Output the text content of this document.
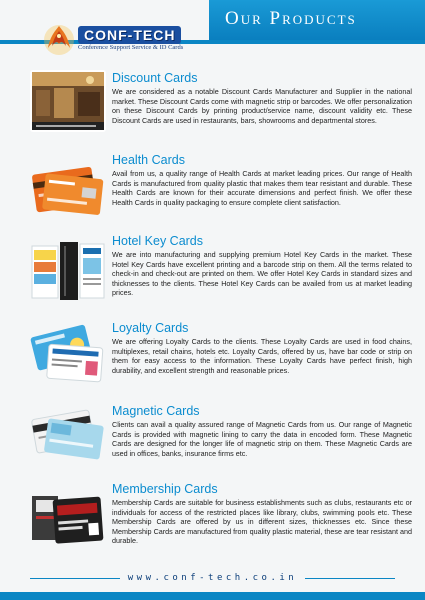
Our Products
CONF-TECH
Conference Support Service & ID Cards
Discount Cards
We are considered as a notable Discount Cards Manufacturer and Supplier in the national market. These Discount Cards come with magnetic strip or barcodes. We offer personalization on these Discount Cards by printing product/service name, discount validity etc. These Discount Cards are used in restaurants, bars, showrooms and departmental stores.
Health Cards
Avail from us, a quality range of Health Cards at market leading prices. Our range of Health Cards is manufactured from quality plastic that makes them tear resistant and durable. These Health Cards are known for their accurate dimensions and perfect finish. We offer these Health Cards in quality packaging to ensure complete client satisfaction.
Hotel Key Cards
We are into manufacturing and supplying premium Hotel Key Cards in the market. These Hotel Key Cards have excellent printing and a barcode strip on them. All the terms related to check-in and check-out are printed on them. We offer Hotel Key Cards in standard sizes and thicknesses to the clients. These Hotel Key Cards can be availed from us at market leading prices.
Loyalty Cards
We are offering Loyalty Cards to the clients. These Loyalty Cards are used in food chains, multiplexes, retail chains, hotels etc. Loyalty Cards, offered by us, have bar code or strip on them for easy access to the information. These Loyalty Cards have perfect finish, high durability, and excellent strength and reasonable prices.
Magnetic Cards
Clients can avail a quality assured range of Magnetic Cards from us. Our range of Magnetic Cards is provided with magnetic lining to carry the data in encoded form. These Magnetic Cards are designed for the longer life of magnetic strip on them. These Magnetic Cards are used in offices, banks, insurance firms etc.
Membership Cards
Membership Cards are suitable for business establishments such as clubs, restaurants etc or individuals for access of the restricted places like library, clubs, swimming pools etc. These Membership Cards are offered by us in different sizes, thicknesses etc. Since these Membership Cards are manufactured from quality plastic material, these are tear resistant and durable.
www.conf-tech.co.in
